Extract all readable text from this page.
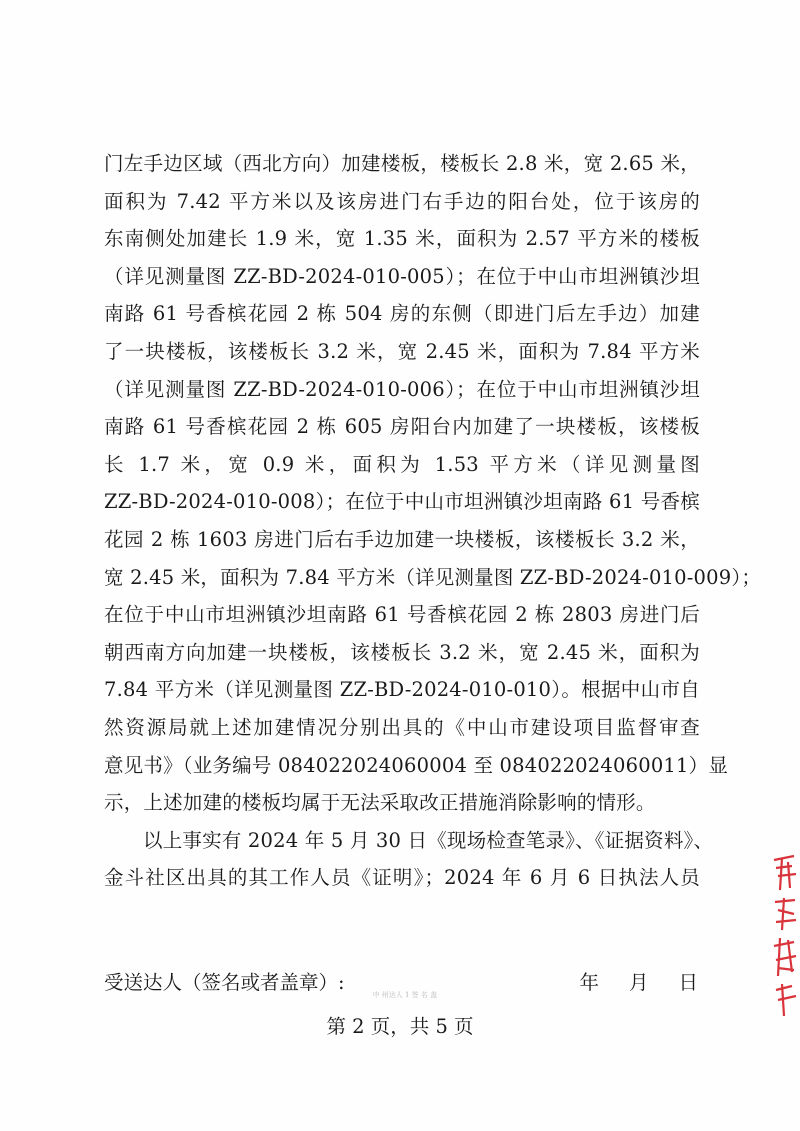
门左手边区域（西北方向）加建楼板，楼板长 2.8 米，宽 2.65 米，
面积为 7.42 平方米以及该房进门右手边的阳台处，位于该房的
东南侧处加建长 1.9 米，宽 1.35 米，面积为 2.57 平方米的楼板
（详见测量图 ZZ-BD-2024-010-005）；在位于中山市坦洲镇沙坦
南路 61 号香槟花园 2 栋 504 房的东侧（即进门后左手边）加建
了一块楼板，该楼板长 3.2 米，宽 2.45 米，面积为 7.84 平方米
（详见测量图 ZZ-BD-2024-010-006）；在位于中山市坦洲镇沙坦
南路 61 号香槟花园 2 栋 605 房阳台内加建了一块楼板，该楼板
长 1.7 米，宽 0.9 米，面积为 1.53 平方米（详见测量图
ZZ-BD-2024-010-008）；在位于中山市坦洲镇沙坦南路 61 号香槟
花园 2 栋 1603 房进门后右手边加建一块楼板，该楼板长 3.2 米，
宽 2.45 米，面积为 7.84 平方米（详见测量图 ZZ-BD-2024-010-009）；
在位于中山市坦洲镇沙坦南路 61 号香槟花园 2 栋 2803 房进门后
朝西南方向加建一块楼板，该楼板长 3.2 米，宽 2.45 米，面积为
7.84 平方米（详见测量图 ZZ-BD-2024-010-010）。根据中山市自
然资源局就上述加建情况分别出具的《中山市建设项目监督审查
意见书》（业务编号 084022024060004 至 084022024060011）显
示，上述加建的楼板均属于无法采取改正措施消除影响的情形。
以上事实有 2024 年 5 月 30 日《现场检查笔录》、《证据资料》、
金斗社区出具的其工作人员《证明》；2024 年 6 月 6 日执法人员
受送达人（签名或者盖章）:
中 州达人 1 签 名 盖
年 月 日
第 2 页，共 5 页
